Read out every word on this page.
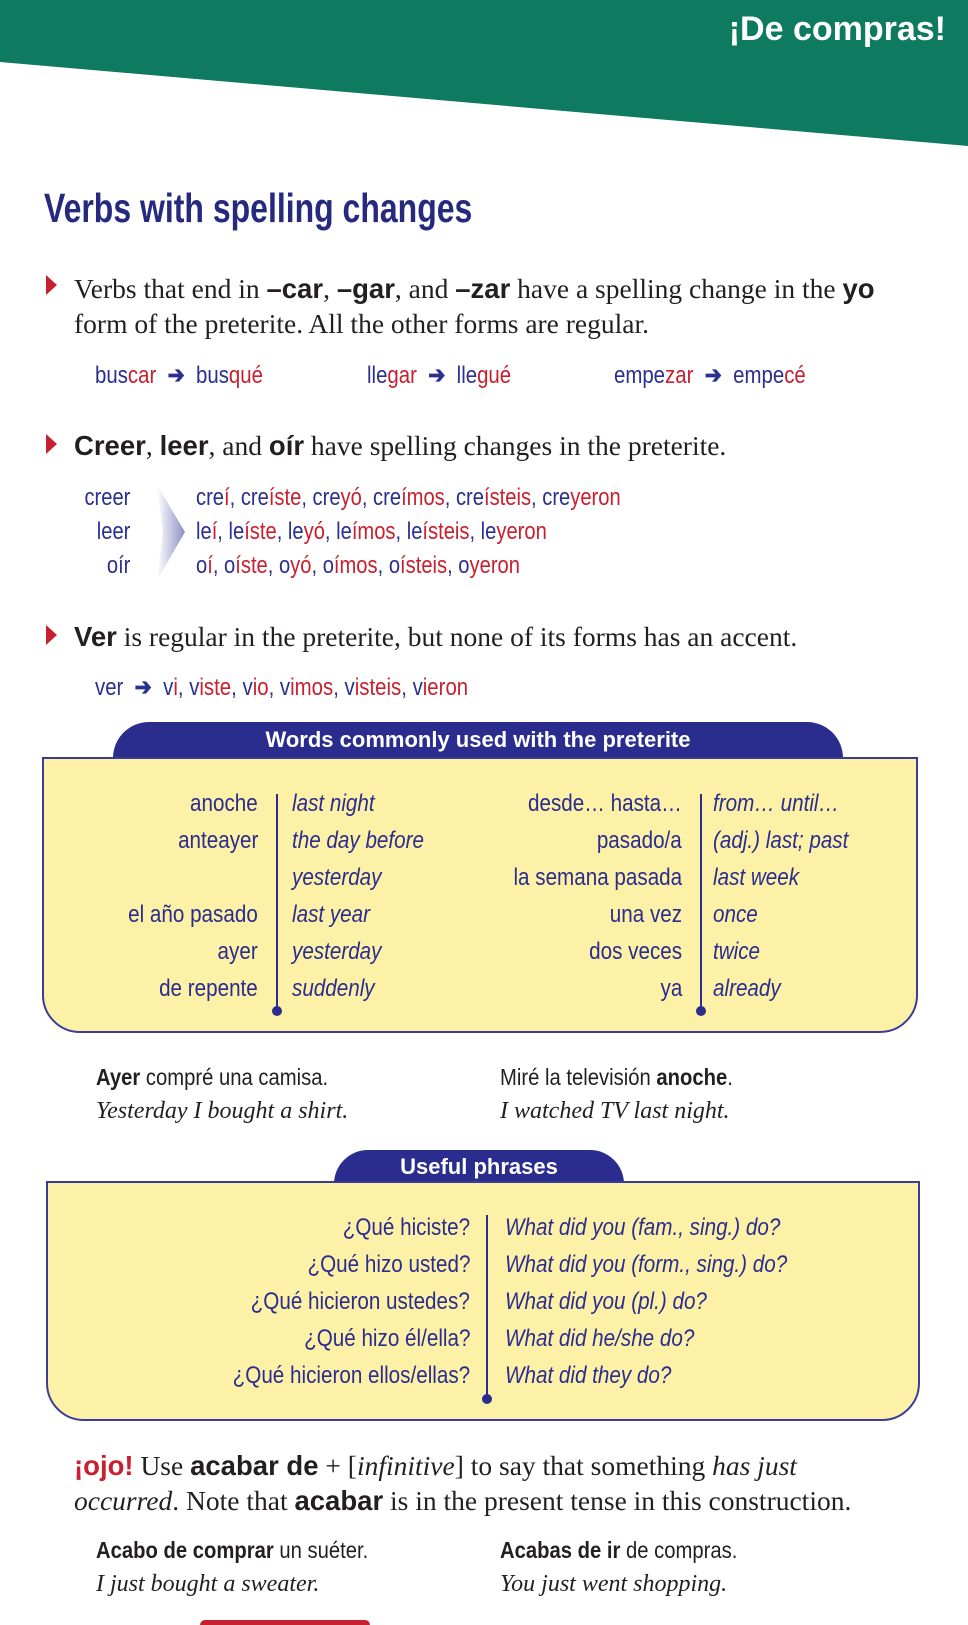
¡De compras!
Verbs with spelling changes
Verbs that end in –car, –gar, and –zar have a spelling change in the yo
form of the preterite. All the other forms are regular.
buscar  ➔  busqué	llegar  ➔  llegué	empezar  ➔  empecé
Creer, leer, and oír have spelling changes in the preterite.
creer
leer
oír
creí, creíste, creyó, creímos, creísteis, creyeron
leí, leíste, leyó, leímos, leísteis, leyeron
oí, oíste, oyó, oímos, oísteis, oyeron
Ver is regular in the preterite, but none of its forms has an accent.
ver  ➔  vi, viste, vio, vimos, visteis, vieron
Words commonly used with the preterite
anoche
anteayer
el año pasado
ayer
de repente
last night
the day before
yesterday
last year
yesterday
suddenly
desde… hasta…
pasado/a
la semana pasada
una vez
dos veces
ya
from… until…
(adj.) last; past
last week
once
twice
already
Ayer compré una camisa.
Yesterday I bought a shirt.
Miré la televisión anoche.
I watched TV last night.
Useful phrases
¿Qué hiciste?
¿Qué hizo usted?
¿Qué hicieron ustedes?
¿Qué hizo él/ella?
¿Qué hicieron ellos/ellas?
What did you (fam., sing.) do?
What did you (form., sing.) do?
What did you (pl.) do?
What did he/she do?
What did they do?
¡ojo! Use acabar de + [infinitive] to say that something has just
occurred. Note that acabar is in the present tense in this construction.
Acabo de comprar un suéter.
I just bought a sweater.
Acabas de ir de compras.
You just went shopping.
